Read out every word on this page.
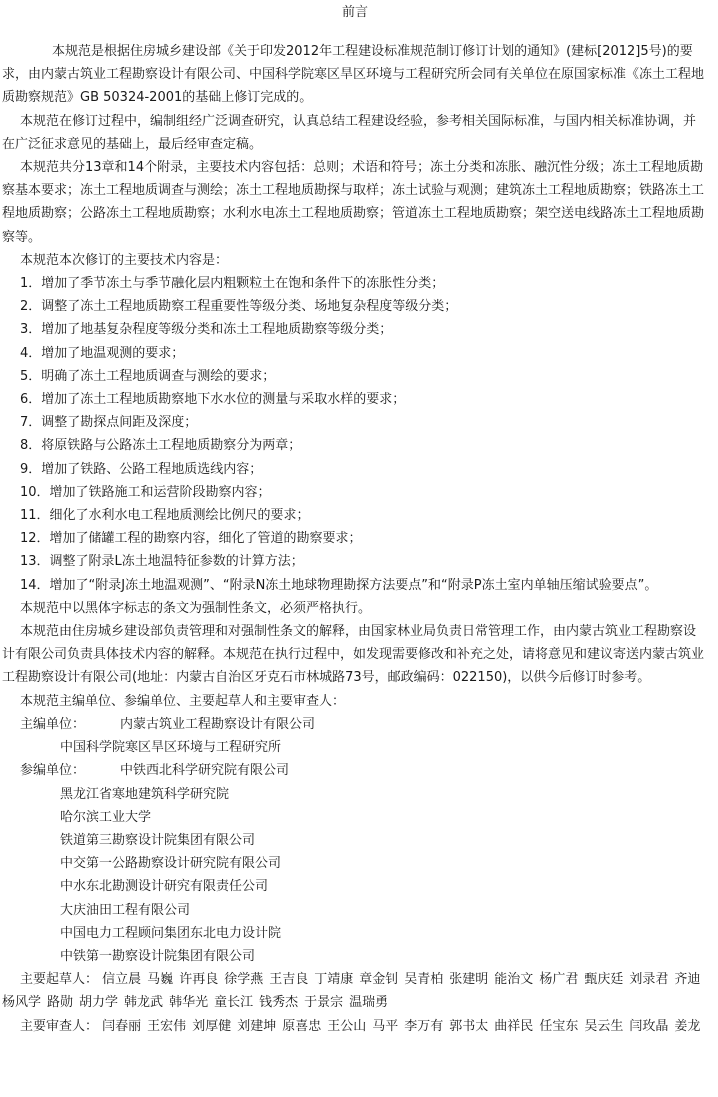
前言

本规范是根据住房城乡建设部《关于印发2012年工程建设标准规范制订修订计划的通知》(建标[2012]5号)的要求，由内蒙古筑业工程勘察设计有限公司、中国科学院寒区旱区环境与工程研究所会同有关单位在原国家标准《冻土工程地质勘察规范》GB 50324-2001的基础上修订完成的。

本规范在修订过程中，编制组经广泛调查研究，认真总结工程建设经验，参考相关国际标准，与国内相关标准协调，并在广泛征求意见的基础上，最后经审查定稿。

本规范共分13章和14个附录，主要技术内容包括：总则；术语和符号；冻土分类和冻胀、融沉性分级；冻土工程地质勘察基本要求；冻土工程地质调查与测绘；冻土工程地质勘探与取样；冻土试验与观测；建筑冻土工程地质勘察；铁路冻土工程地质勘察；公路冻土工程地质勘察；水利水电冻土工程地质勘察；管道冻土工程地质勘察；架空送电线路冻土工程地质勘察等。

本规范本次修订的主要技术内容是：

1．增加了季节冻土与季节融化层内粗颗粒土在饱和条件下的冻胀性分类；
2．调整了冻土工程地质勘察工程重要性等级分类、场地复杂程度等级分类；
3．增加了地基复杂程度等级分类和冻土工程地质勘察等级分类；
4．增加了地温观测的要求；
5．明确了冻土工程地质调查与测绘的要求；
6．增加了冻土工程地质勘察地下水水位的测量与采取水样的要求；
7．调整了勘探点间距及深度；
8．将原铁路与公路冻土工程地质勘察分为两章；
9．增加了铁路、公路工程地质选线内容；
10．增加了铁路施工和运营阶段勘察内容；
11．细化了水利水电工程地质测绘比例尺的要求；
12．增加了储罐工程的勘察内容，细化了管道的勘察要求；
13．调整了附录L冻土地温特征参数的计算方法；
14．增加了“附录J冻土地温观测”、“附录N冻土地球物理勘探方法要点”和“附录P冻土室内单轴压缩试验要点”。

本规范中以黑体字标志的条文为强制性条文，必须严格执行。

本规范由住房城乡建设部负责管理和对强制性条文的解释，由国家林业局负责日常管理工作，由内蒙古筑业工程勘察设计有限公司负责具体技术内容的解释。本规范在执行过程中，如发现需要修改和补充之处，请将意见和建议寄送内蒙古筑业工程勘察设计有限公司(地址：内蒙古自治区牙克石市林城路73号，邮政编码：022150)，以供今后修订时参考。

本规范主编单位、参编单位、主要起草人和主要审查人：

主编单位：	内蒙古筑业工程勘察设计有限公司
中国科学院寒区旱区环境与工程研究所
参编单位：	中铁西北科学研究院有限公司
黑龙江省寒地建筑科学研究院
哈尔滨工业大学
铁道第三勘察设计院集团有限公司
中交第一公路勘察设计研究院有限公司
中水东北勘测设计研究有限责任公司
大庆油田工程有限公司
中国电力工程顾问集团东北电力设计院
中铁第一勘察设计院集团有限公司
主要起草人： 信立晨 马巍 许再良 徐学燕 王吉良 丁靖康 章金钊 吴青柏 张建明 能治文 杨广君 甄庆廷 刘录君 齐迪杨风学 路勋 胡力学 韩龙武 韩华光 童长江 钱秀杰 于景宗 温瑞勇
主要审查人： 闫春丽 王宏伟 刘厚健 刘建坤 原喜忠 王公山 马平 李万有 郭书太 曲祥民 任宝东 吴云生 闫玫晶 姜龙
